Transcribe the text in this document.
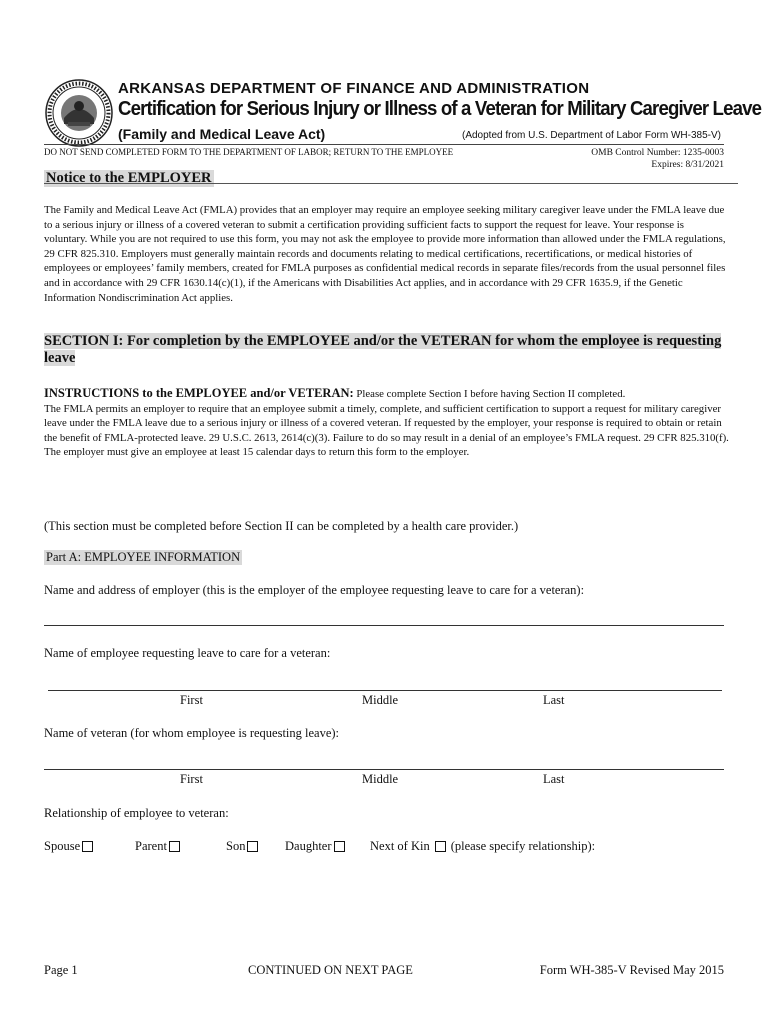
ARKANSAS DEPARTMENT OF FINANCE AND ADMINISTRATION
Certification for Serious Injury or Illness of a Veteran for Military Caregiver Leave
(Family and Medical Leave Act)	(Adopted from U.S. Department of Labor Form WH-385-V)
DO NOT SEND COMPLETED FORM TO THE DEPARTMENT OF LABOR; RETURN TO THE EMPLOYEE	OMB Control Number: 1235-0003
Expires: 8/31/2021
Notice to the EMPLOYER
The Family and Medical Leave Act (FMLA) provides that an employer may require an employee seeking military caregiver leave under the FMLA leave due to a serious injury or illness of a covered veteran to submit a certification providing sufficient facts to support the request for leave. Your response is voluntary. While you are not required to use this form, you may not ask the employee to provide more information than allowed under the FMLA regulations, 29 CFR 825.310. Employers must generally maintain records and documents relating to medical certifications, recertifications, or medical histories of employees or employees’ family members, created for FMLA purposes as confidential medical records in separate files/records from the usual personnel files and in accordance with 29 CFR 1630.14(c)(1), if the Americans with Disabilities Act applies, and in accordance with 29 CFR 1635.9, if the Genetic Information Nondiscrimination Act applies.
SECTION I: For completion by the EMPLOYEE and/or the VETERAN for whom the employee is requesting leave
INSTRUCTIONS to the EMPLOYEE and/or VETERAN: Please complete Section I before having Section II completed.
The FMLA permits an employer to require that an employee submit a timely, complete, and sufficient certification to support a request for military caregiver leave under the FMLA leave due to a serious injury or illness of a covered veteran. If requested by the employer, your response is required to obtain or retain the benefit of FMLA-protected leave. 29 U.S.C. 2613, 2614(c)(3). Failure to do so may result in a denial of an employee’s FMLA request. 29 CFR 825.310(f). The employer must give an employee at least 15 calendar days to return this form to the employer.
(This section must be completed before Section II can be completed by a health care provider.)
Part A: EMPLOYEE INFORMATION
Name and address of employer (this is the employer of the employee requesting leave to care for a veteran):
Name of employee requesting leave to care for a veteran:
First	Middle	Last
Name of veteran (for whom employee is requesting leave):
First	Middle	Last
Relationship of employee to veteran:
Spouse	Parent	Son	Daughter	Next of Kin (please specify relationship):
Page 1	CONTINUED ON NEXT PAGE	Form WH-385-V Revised May 2015
